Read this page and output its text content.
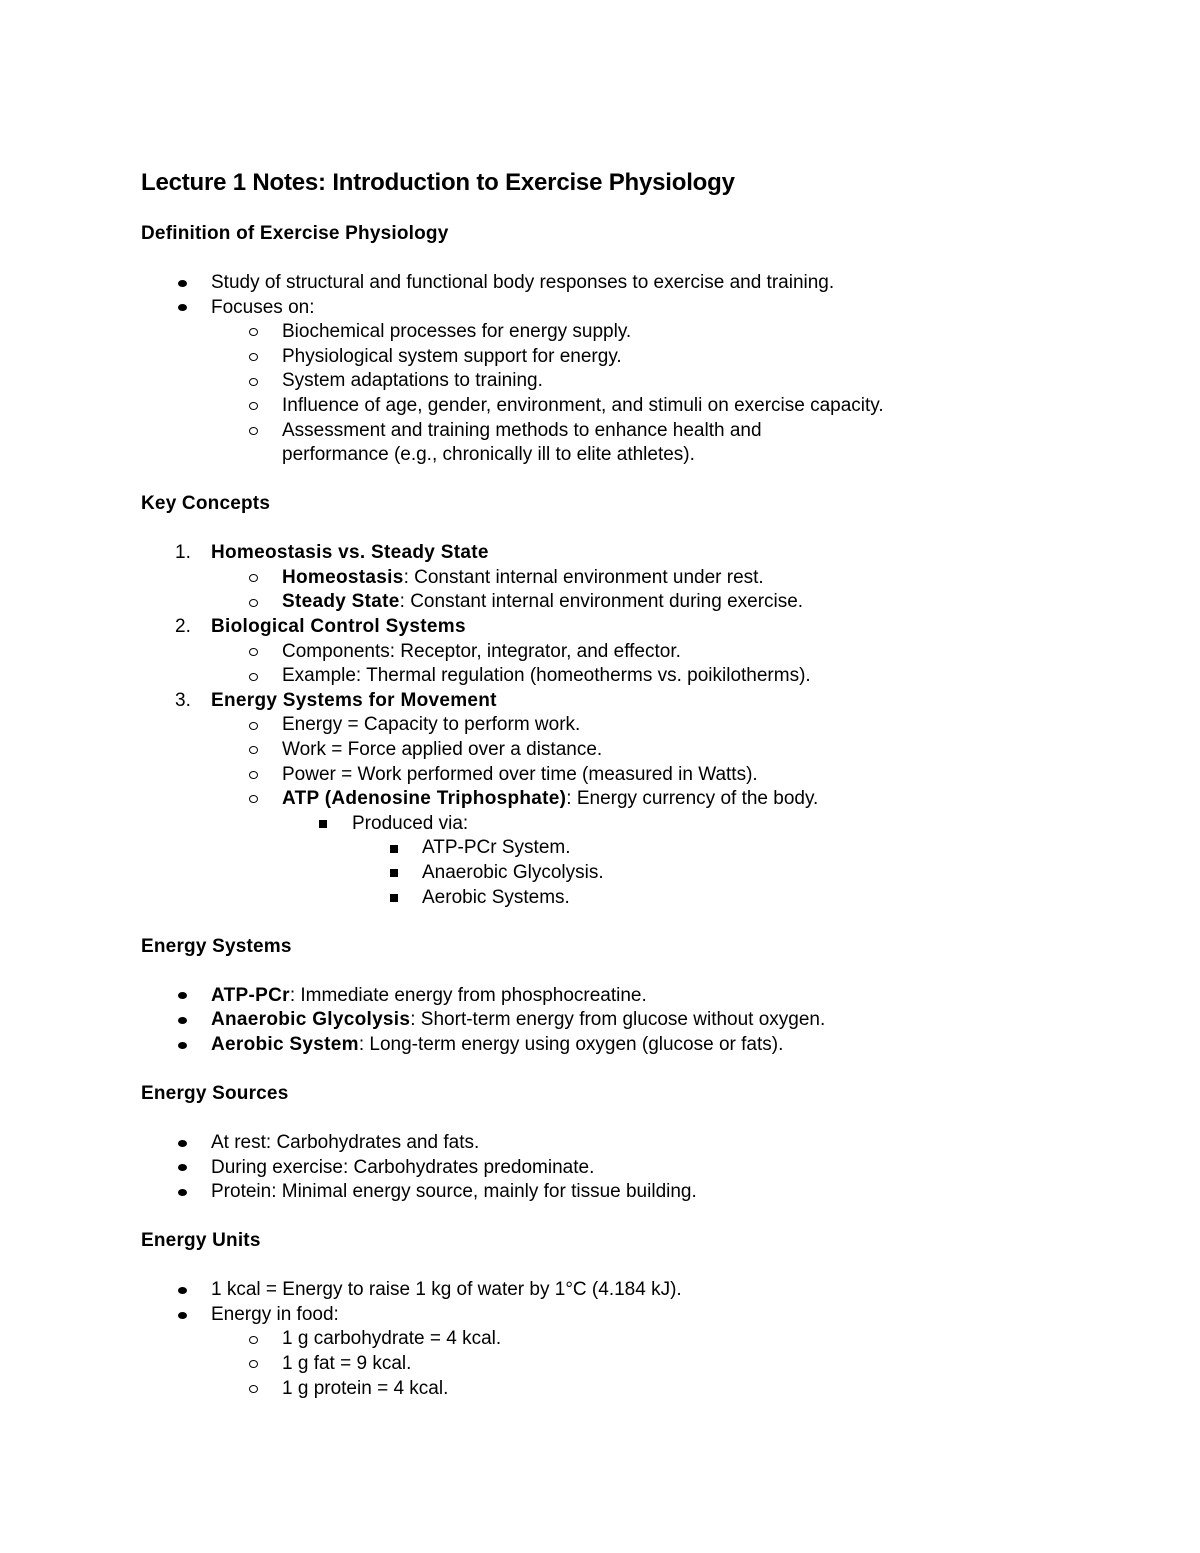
Lecture 1 Notes: Introduction to Exercise Physiology
Definition of Exercise Physiology
Study of structural and functional body responses to exercise and training.
Focuses on:
Biochemical processes for energy supply.
Physiological system support for energy.
System adaptations to training.
Influence of age, gender, environment, and stimuli on exercise capacity.
Assessment and training methods to enhance health and performance (e.g., chronically ill to elite athletes).
Key Concepts
1. Homeostasis vs. Steady State
Homeostasis: Constant internal environment under rest.
Steady State: Constant internal environment during exercise.
2. Biological Control Systems
Components: Receptor, integrator, and effector.
Example: Thermal regulation (homeotherms vs. poikilotherms).
3. Energy Systems for Movement
Energy = Capacity to perform work.
Work = Force applied over a distance.
Power = Work performed over time (measured in Watts).
ATP (Adenosine Triphosphate): Energy currency of the body.
Produced via:
ATP-PCr System.
Anaerobic Glycolysis.
Aerobic Systems.
Energy Systems
ATP-PCr: Immediate energy from phosphocreatine.
Anaerobic Glycolysis: Short-term energy from glucose without oxygen.
Aerobic System: Long-term energy using oxygen (glucose or fats).
Energy Sources
At rest: Carbohydrates and fats.
During exercise: Carbohydrates predominate.
Protein: Minimal energy source, mainly for tissue building.
Energy Units
1 kcal = Energy to raise 1 kg of water by 1°C (4.184 kJ).
Energy in food:
1 g carbohydrate = 4 kcal.
1 g fat = 9 kcal.
1 g protein = 4 kcal.
